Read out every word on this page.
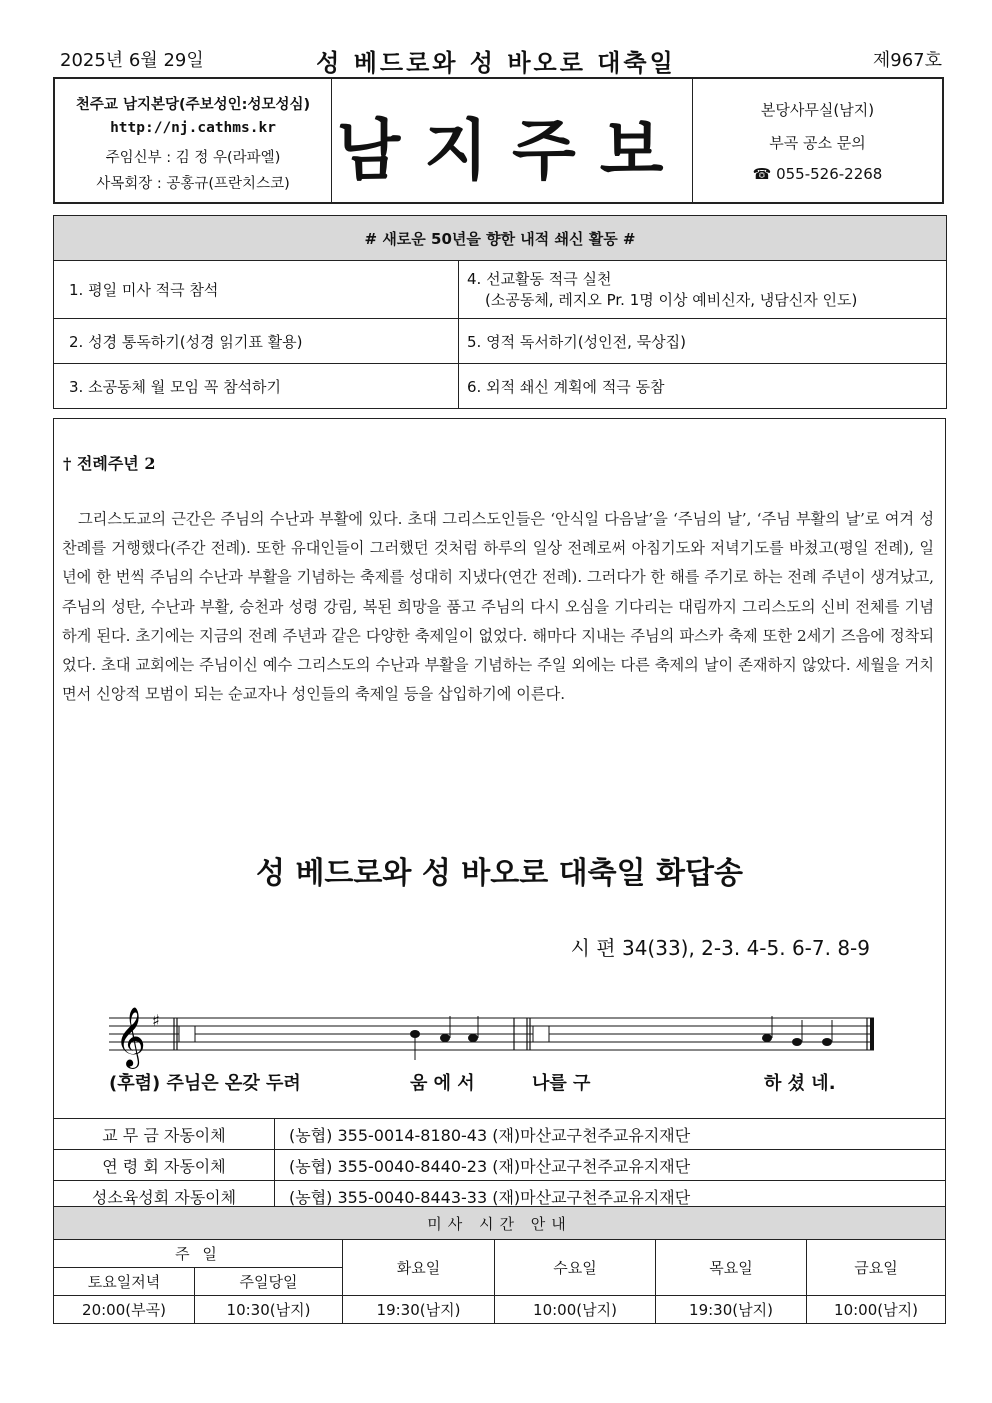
2025년 6월 29일	성 베드로와 성 바오로 대축일	제967호
천주교 남지본당(주보성인:성모성심)
http://nj.cathms.kr
주임신부 : 김 정 우(라파엘)
사목회장 : 공홍규(프란치스코) 남지주보
본당사무실(남지)
부곡 공소 문의
☎ 055-526-2268
# 새로운 50년을 향한 내적 쇄신 활동 #	
1. 평일 미사 적극 참석	4. 선교활동 적극 실천
(소공동체, 레지오 Pr. 1명 이상 예비신자, 냉담신자 인도)

2. 성경 통독하기(성경 읽기표 활용)	5. 영적 독서하기(성인전, 묵상집)
3. 소공동체 월 모임 꼭 참석하기	6. 외적 쇄신 계획에 적극 동참
† 전례주년 2
그리스도교의 근간은 주님의 수난과 부활에 있다. 초대 그리스도인들은 ‘안식일 다음날’을 ‘주님의 날’, ‘주님 부활의 날’로 여겨 성찬례를 거행했다(주간 전례). 또한 유대인들이 그러했던 것처럼 하루의 일상 전례로써 아침기도와 저녁기도를 바쳤고(평일 전례), 일 년에 한 번씩 주님의 수난과 부활을 기념하는 축제를 성대히 지냈다(연간 전례). 그러다가 한 해를 주기로 하는 전례 주년이 생겨났고, 주님의 성탄, 수난과 부활, 승천과 성령 강림, 복된 희망을 품고 주님의 다시 오심을 기다리는 대림까지 그리스도의 신비 전체를 기념하게 된다. 초기에는 지금의 전례 주년과 같은 다양한 축제일이 없었다. 해마다 지내는 주님의 파스카 축제 또한 2세기 즈음에 정착되었다. 초대 교회에는 주님이신 예수 그리스도의 수난과 부활을 기념하는 주일 외에는 다른 축제의 날이 존재하지 않았다. 세월을 거치면서 신앙적 모범이 되는 순교자나 성인들의 축제일 등을 삽입하기에 이른다.
성 베드로와 성 바오로 대축일 화답송
시 편 34(33), 2-3. 4-5. 6-7. 8-9
𝄞 ♯
(후렴) 주님은 온갖 두려	움 에 서	나를 구	하 셨 네.
교 무 금 자동이체	(농협) 355-0014-8180-43 (재)마산교구천주교유지재단
연 령 회 자동이체	(농협) 355-0040-8440-23 (재)마산교구천주교유지재단
성소육성회 자동이체	(농협) 355-0040-8443-33 (재)마산교구천주교유지재단
미사 시간 안내					
주 일		화요일	수요일	목요일	금요일
토요일저녁	주일당일				
20:00(부곡)	10:30(남지)	19:30(남지)	10:00(남지)	19:30(남지)	10:00(남지)
